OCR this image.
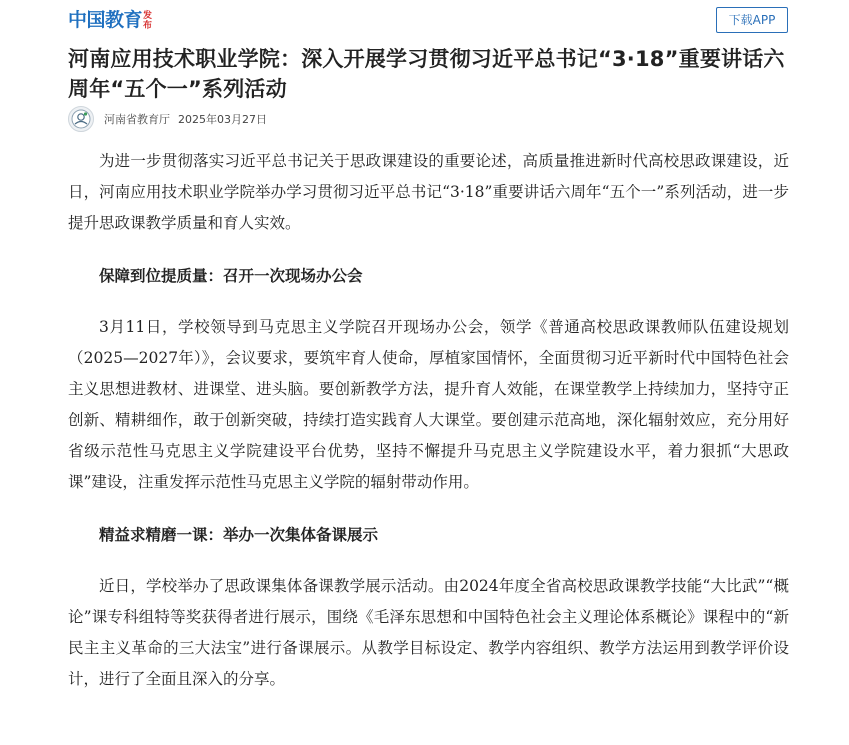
中国教育 发布	下载APP
河南应用技术职业学院：深入开展学习贯彻习近平总书记“3·18”重要讲话六周年“五个一”系列活动
河南省教育厅 2025年03月27日

为进一步贯彻落实习近平总书记关于思政课建设的重要论述，高质量推进新时代高校思政课建设，近日，河南应用技术职业学院举办学习贯彻习近平总书记“3·18”重要讲话六周年“五个一”系列活动，进一步提升思政课教学质量和育人实效。

保障到位提质量：召开一次现场办公会

3月11日，学校领导到马克思主义学院召开现场办公会，领学《普通高校思政课教师队伍建设规划（2025—2027年）》，会议要求，要筑牢育人使命，厚植家国情怀，全面贯彻习近平新时代中国特色社会主义思想进教材、进课堂、进头脑。要创新教学方法，提升育人效能，在课堂教学上持续加力，坚持守正创新、精耕细作，敢于创新突破，持续打造实践育人大课堂。要创建示范高地，深化辐射效应，充分用好省级示范性马克思主义学院建设平台优势，坚持不懈提升马克思主义学院建设水平，着力狠抓“大思政课”建设，注重发挥示范性马克思主义学院的辐射带动作用。

精益求精磨一课：举办一次集体备课展示

近日，学校举办了思政课集体备课教学展示活动。由2024年度全省高校思政课教学技能“大比武”“概论”课专科组特等奖获得者进行展示，围绕《毛泽东思想和中国特色社会主义理论体系概论》课程中的“新民主主义革命的三大法宝”进行备课展示。从教学目标设定、教学内容组织、教学方法运用到教学评价设计，进行了全面且深入的分享。
